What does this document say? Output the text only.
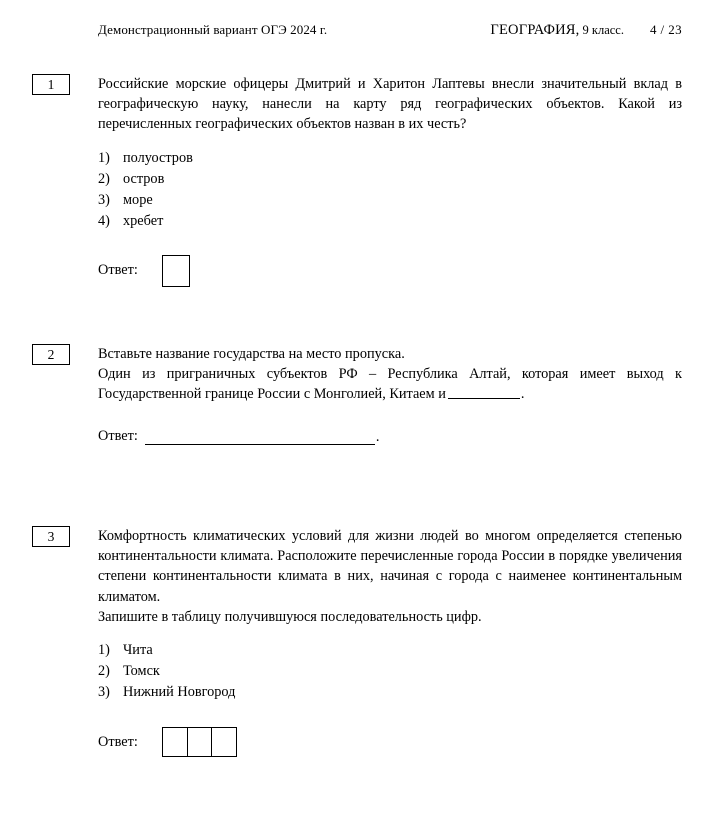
Демонстрационный вариант ОГЭ 2024 г.	ГЕОГРАФИЯ, 9 класс. 4 / 23
1	Российские морские офицеры Дмитрий и Харитон Лаптевы внесли значительный вклад в географическую науку, нанесли на карту ряд географических объектов. Какой из перечисленных географических объектов назван в их честь?

1) полуостров
2) остров
3) море
4) хребет
Ответ:
2	Вставьте название государства на место пропуска.

Один из приграничных субъектов РФ – Республика Алтай, которая имеет выход к Государственной границе России с Монголией, Китаем и	.

Ответ:	.
3	Комфортность климатических условий для жизни людей во многом определяется степенью континентальности климата. Расположите перечисленные города России в порядке увеличения степени континентальности климата в них, начиная с города с наименее континентальным климатом.

Запишите в таблицу получившуюся последовательность цифр.

1) Чита
2) Томск
3) Нижний Новгород
Ответ:
